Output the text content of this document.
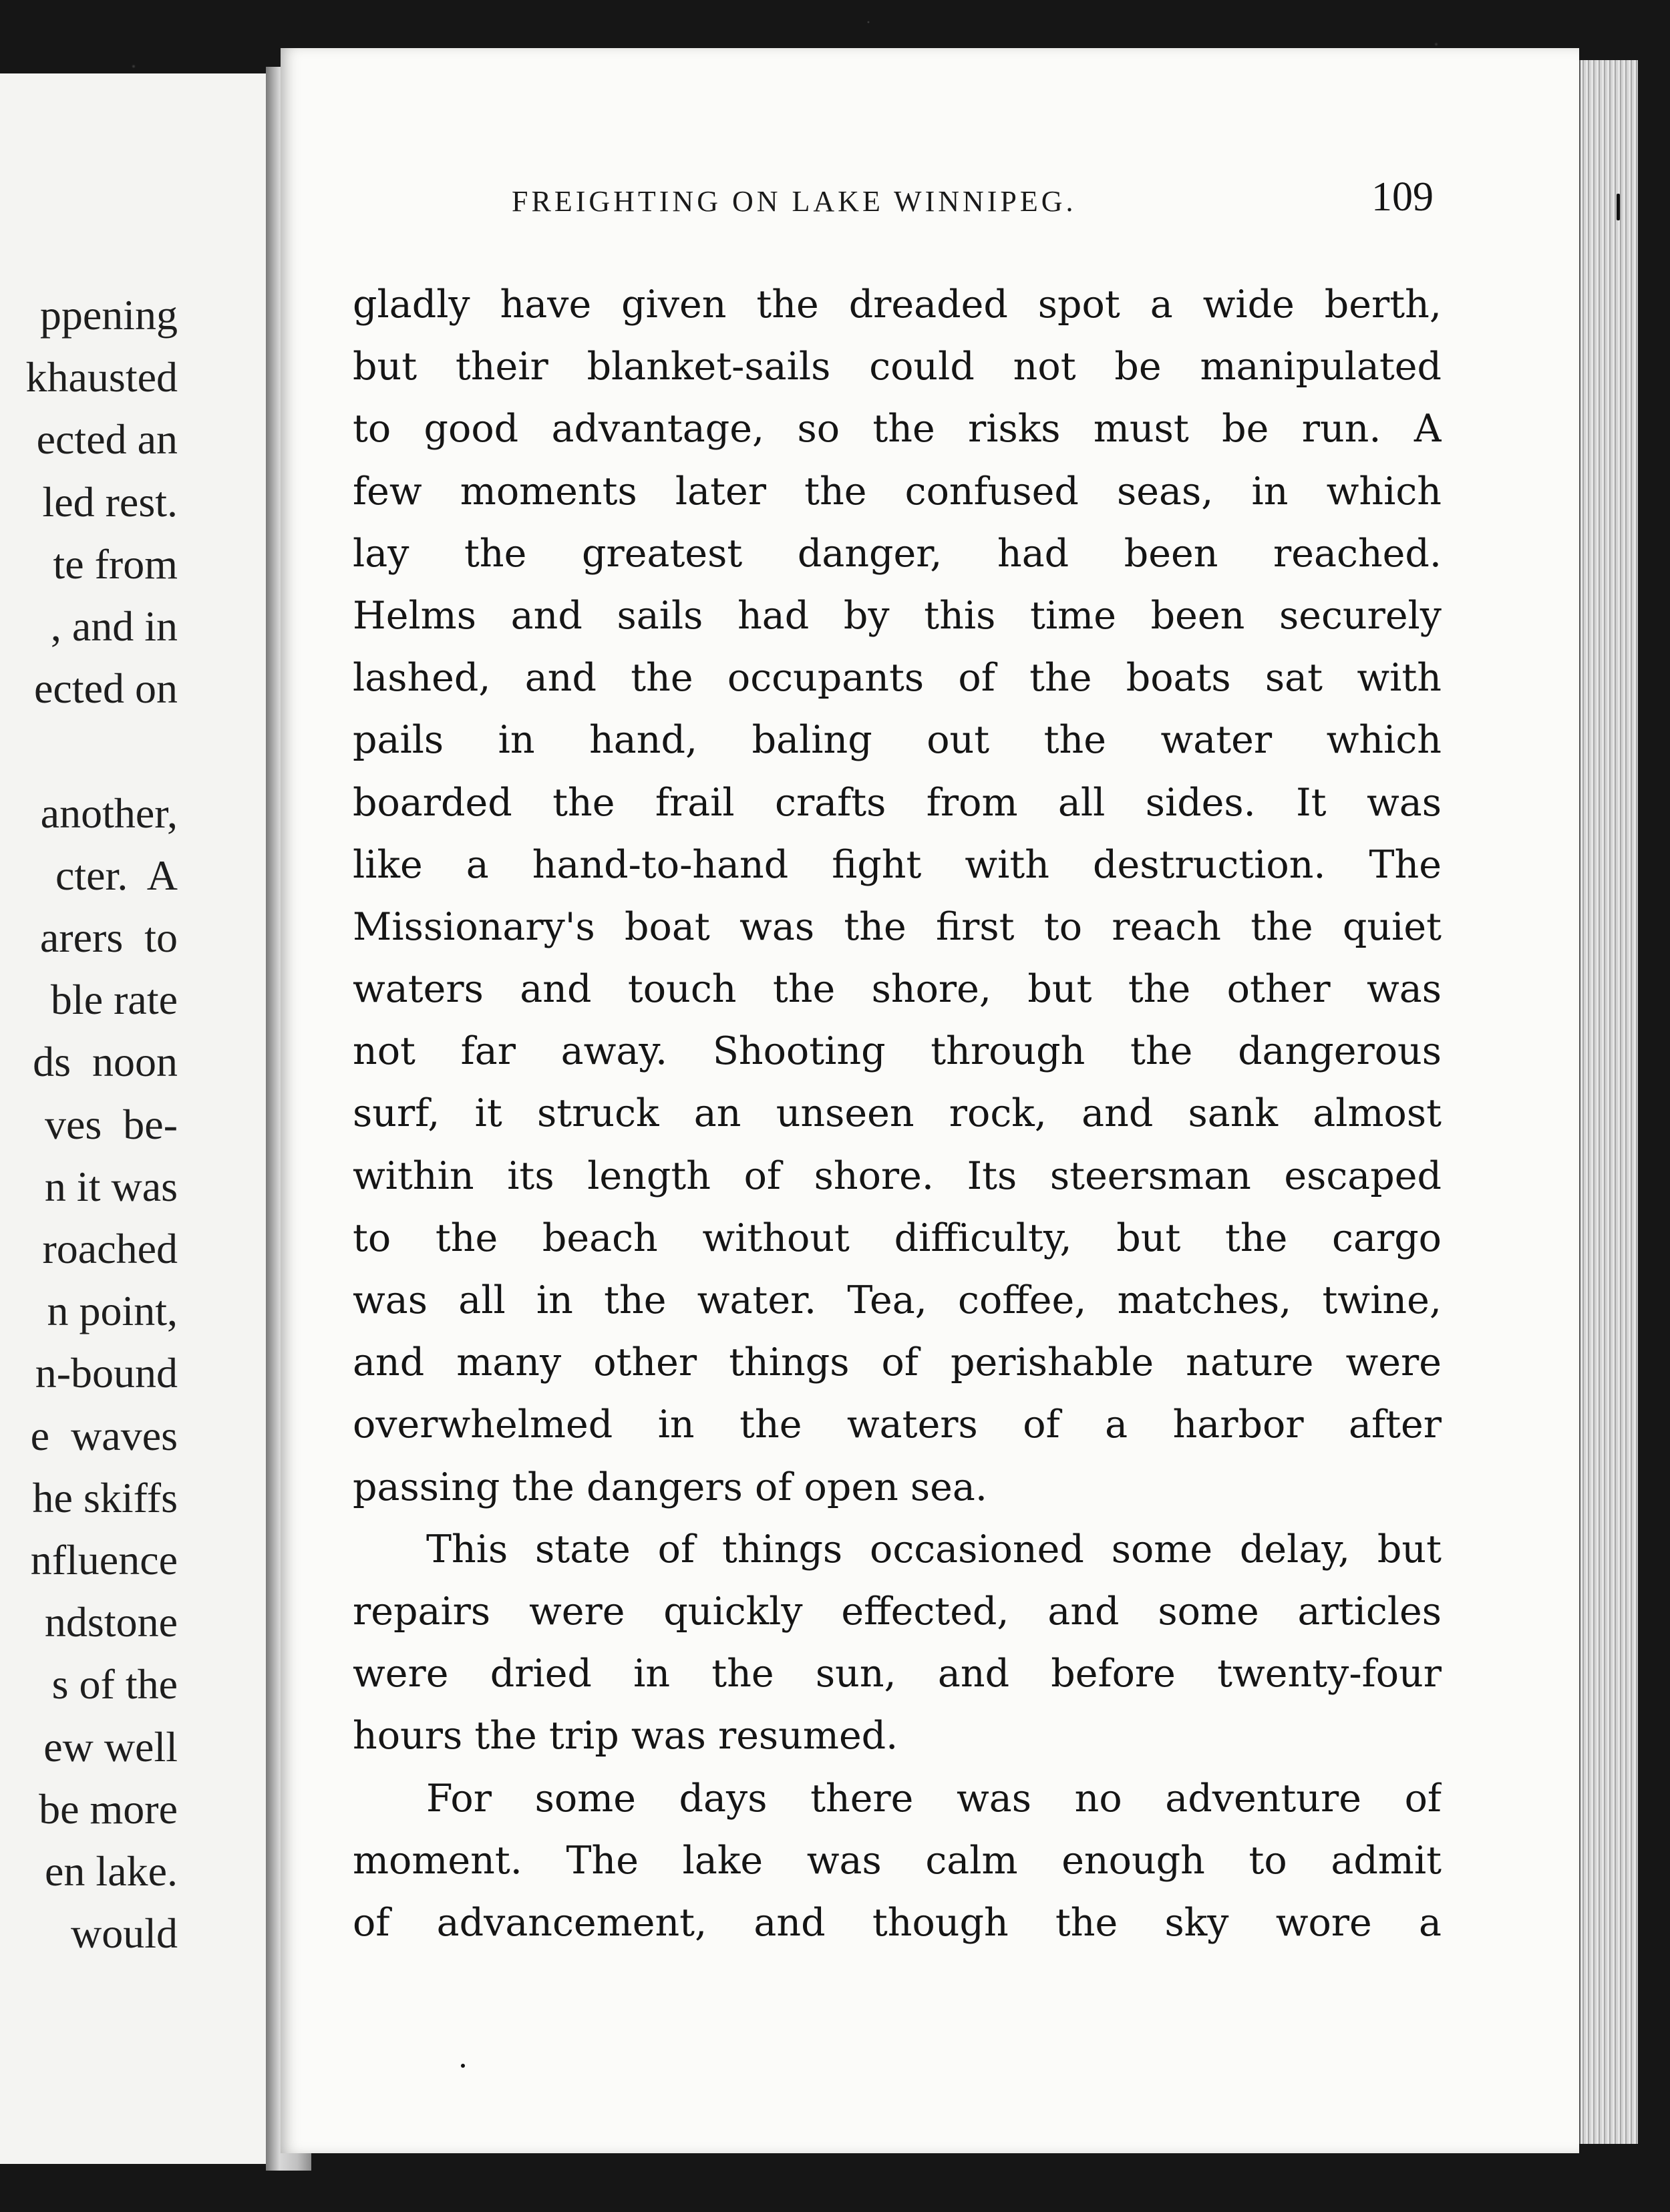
ppening
khausted
ected an
led rest.
te from
, and in
ected on
another,
cter.  A
arers  to
ble rate
ds  noon
ves  be-
n it was
roached
n point,
n-bound
e  waves
he skiffs
nfluence
ndstone
s of the
ew well
be more
en lake.
would
FREIGHTING ON LAKE WINNIPEG.	109
gladly have given the dreaded spot a wide berth,
but their blanket-sails could not be manipulated
to good advantage, so the risks must be run. A
few moments later the confused seas, in which
lay the greatest danger, had been reached.
Helms and sails had by this time been securely
lashed, and the occupants of the boats sat with
pails in hand, baling out the water which
boarded the frail crafts from all sides. It was
like a hand-to-hand fight with destruction. The
Missionary's boat was the first to reach the quiet
waters and touch the shore, but the other was
not far away. Shooting through the dangerous
surf, it struck an unseen rock, and sank almost
within its length of shore. Its steersman escaped
to the beach without difficulty, but the cargo
was all in the water. Tea, coffee, matches, twine,
and many other things of perishable nature were
overwhelmed in the waters of a harbor after
passing the dangers of open sea.
This state of things occasioned some delay, but
repairs were quickly effected, and some articles
were dried in the sun, and before twenty-four
hours the trip was resumed.
For some days there was no adventure of
moment. The lake was calm enough to admit
of advancement, and though the sky wore a
